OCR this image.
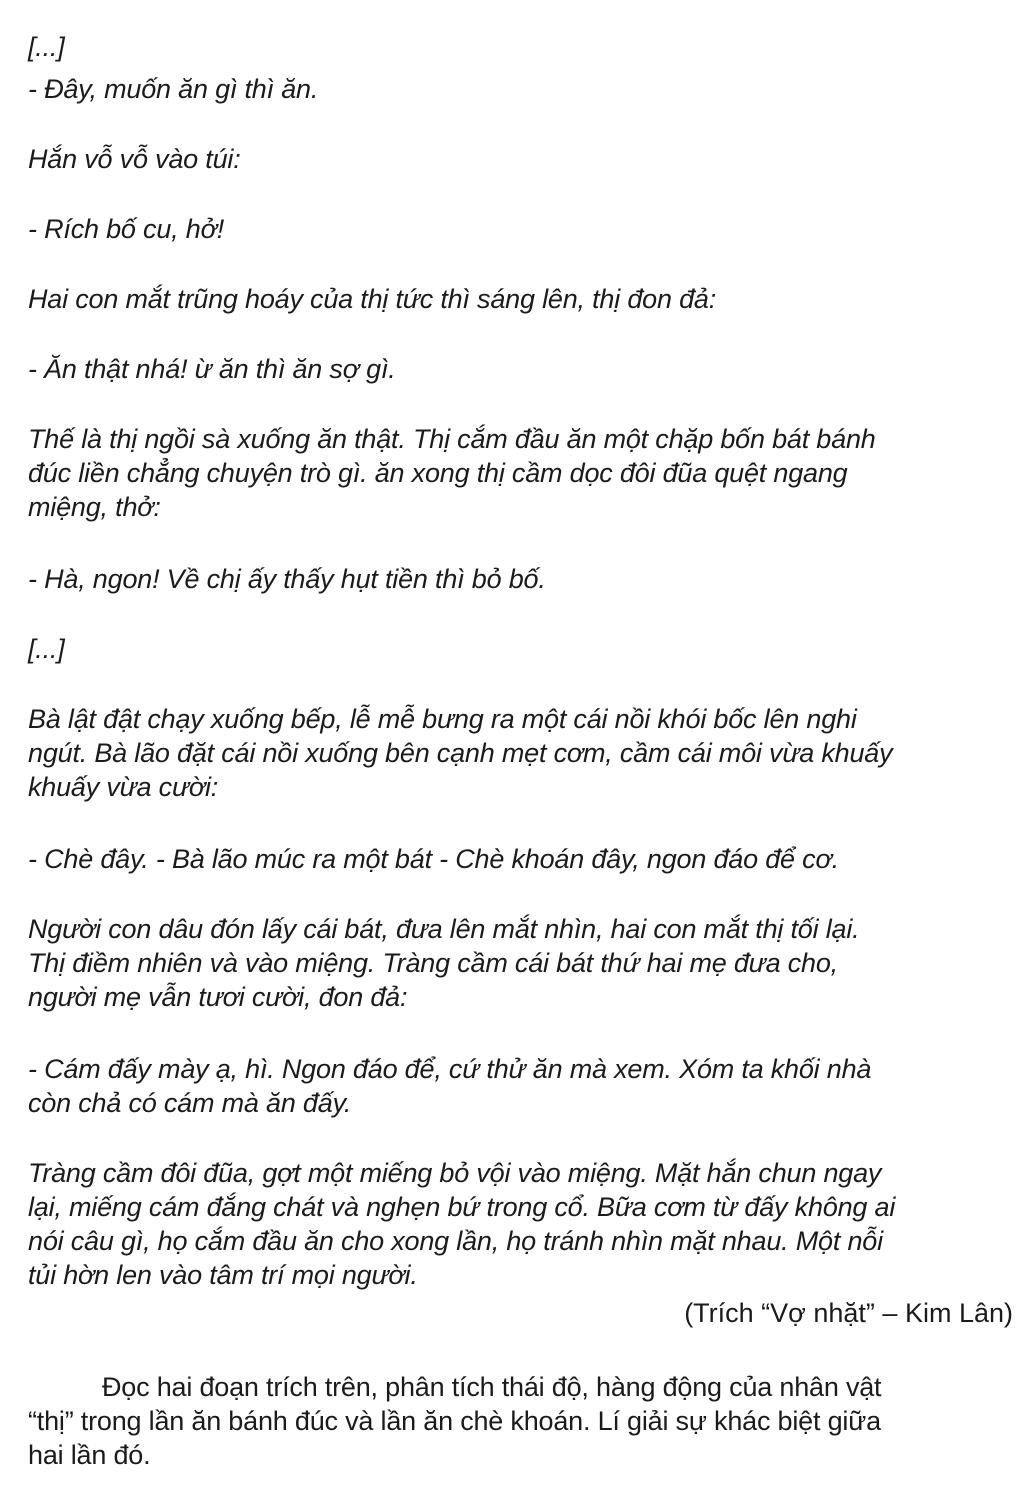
[...]
- Đây, muốn ăn gì thì ăn.
Hắn vỗ vỗ vào túi:
- Rích bố cu, hở!
Hai con mắt trũng hoáy của thị tức thì sáng lên, thị đon đả:
- Ăn thật nhá! ừ ăn thì ăn sợ gì.
Thế là thị ngồi sà xuống ăn thật. Thị cắm đầu ăn một chặp bốn bát bánh
đúc liền chẳng chuyện trò gì. ăn xong thị cầm dọc đôi đũa quệt ngang
miệng, thở:
- Hà, ngon! Về chị ấy thấy hụt tiền thì bỏ bố.
[...]
Bà lật đật chạy xuống bếp, lễ mễ bưng ra một cái nồi khói bốc lên nghi
ngút. Bà lão đặt cái nồi xuống bên cạnh mẹt cơm, cầm cái môi vừa khuấy
khuấy vừa cười:
- Chè đây. - Bà lão múc ra một bát - Chè khoán đây, ngon đáo để cơ.
Người con dâu đón lấy cái bát, đưa lên mắt nhìn, hai con mắt thị tối lại.
Thị điềm nhiên và vào miệng. Tràng cầm cái bát thứ hai mẹ đưa cho,
người mẹ vẫn tươi cười, đon đả:
- Cám đấy mày ạ, hì. Ngon đáo để, cứ thử ăn mà xem. Xóm ta khối nhà
còn chả có cám mà ăn đấy.
Tràng cầm đôi đũa, gợt một miếng bỏ vội vào miệng. Mặt hắn chun ngay
lại, miếng cám đắng chát và nghẹn bứ trong cổ. Bữa cơm từ đấy không ai
nói câu gì, họ cắm đầu ăn cho xong lần, họ tránh nhìn mặt nhau. Một nỗi
tủi hờn len vào tâm trí mọi người.
(Trích “Vợ nhặt” – Kim Lân)
Đọc hai đoạn trích trên, phân tích thái độ, hàng động của nhân vật
“thị” trong lần ăn bánh đúc và lần ăn chè khoán. Lí giải sự khác biệt giữa
hai lần đó.
